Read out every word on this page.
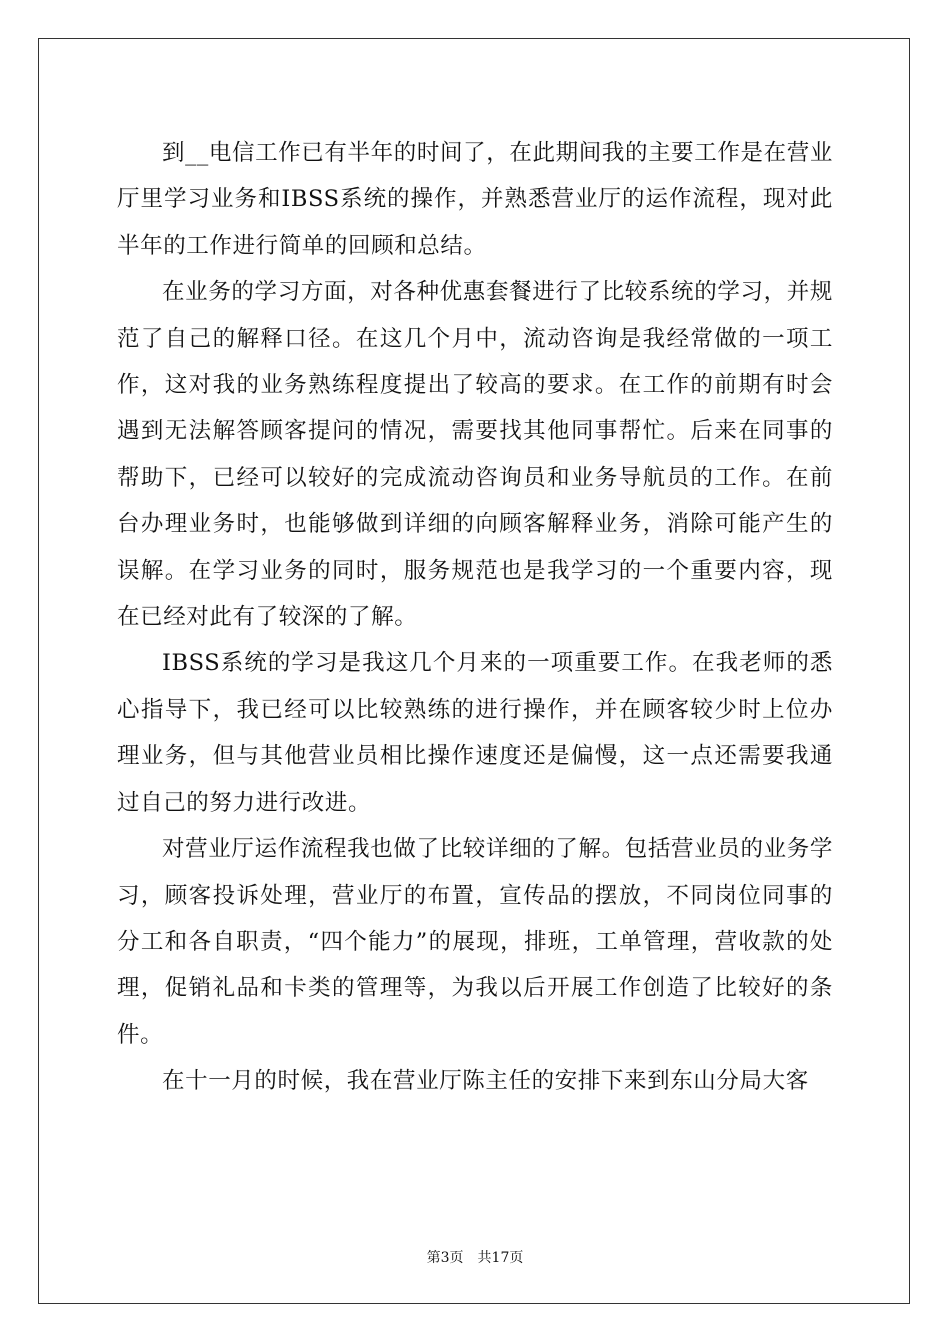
到__电信工作已有半年的时间了，在此期间我的主要工作是在营业厅里学习业务和IBSS系统的操作，并熟悉营业厅的运作流程，现对此半年的工作进行简单的回顾和总结。

在业务的学习方面，对各种优惠套餐进行了比较系统的学习，并规范了自己的解释口径。在这几个月中，流动咨询是我经常做的一项工作，这对我的业务熟练程度提出了较高的要求。在工作的前期有时会遇到无法解答顾客提问的情况，需要找其他同事帮忙。后来在同事的帮助下，已经可以较好的完成流动咨询员和业务导航员的工作。在前台办理业务时，也能够做到详细的向顾客解释业务，消除可能产生的误解。在学习业务的同时，服务规范也是我学习的一个重要内容，现在已经对此有了较深的了解。

IBSS系统的学习是我这几个月来的一项重要工作。在我老师的悉心指导下，我已经可以比较熟练的进行操作，并在顾客较少时上位办理业务，但与其他营业员相比操作速度还是偏慢，这一点还需要我通过自己的努力进行改进。

对营业厅运作流程我也做了比较详细的了解。包括营业员的业务学习，顾客投诉处理，营业厅的布置，宣传品的摆放，不同岗位同事的分工和各自职责，“四个能力”的展现，排班，工单管理，营收款的处理，促销礼品和卡类的管理等，为我以后开展工作创造了比较好的条件。

在十一月的时候，我在营业厅陈主任的安排下来到东山分局大客

第3页 共17页
